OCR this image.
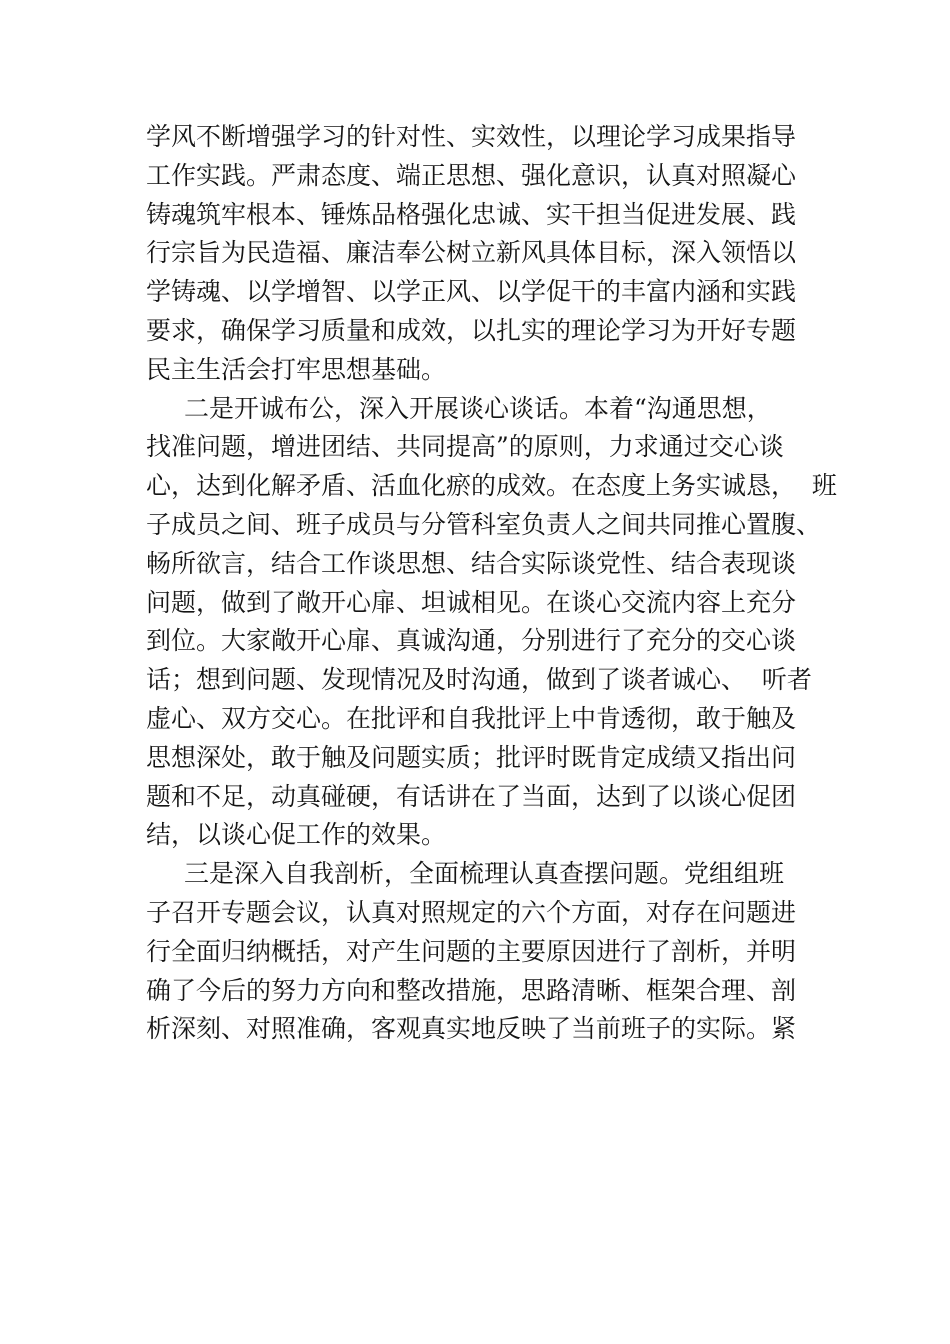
学风不断增强学习的针对性、实效性，以理论学习成果指导
工作实践。严肃态度、端正思想、强化意识，认真对照凝心
铸魂筑牢根本、锤炼品格强化忠诚、实干担当促进发展、践
行宗旨为民造福、廉洁奉公树立新风具体目标，深入领悟以
学铸魂、以学增智、以学正风、以学促干的丰富内涵和实践
要求，确保学习质量和成效，以扎实的理论学习为开好专题
民主生活会打牢思想基础。
二是开诚布公，深入开展谈心谈话。本着“沟通思想，
找准问题，增进团结、共同提高”的原则，力求通过交心谈
心，达到化解矛盾、活血化瘀的成效。在态度上务实诚恳，  班
子成员之间、班子成员与分管科室负责人之间共同推心置腹、
畅所欲言，结合工作谈思想、结合实际谈党性、结合表现谈
问题，做到了敞开心扉、坦诚相见。在谈心交流内容上充分
到位。大家敞开心扉、真诚沟通，分别进行了充分的交心谈
话；想到问题、发现情况及时沟通，做到了谈者诚心、  听者
虚心、双方交心。在批评和自我批评上中肯透彻，敢于触及
思想深处，敢于触及问题实质；批评时既肯定成绩又指出问
题和不足，动真碰硬，有话讲在了当面，达到了以谈心促团
结，以谈心促工作的效果。
三是深入自我剖析，全面梳理认真查摆问题。党组组班
子召开专题会议，认真对照规定的六个方面，对存在问题进
行全面归纳概括，对产生问题的主要原因进行了剖析，并明
确了今后的努力方向和整改措施，思路清晰、框架合理、剖
析深刻、对照准确，客观真实地反映了当前班子的实际。紧
